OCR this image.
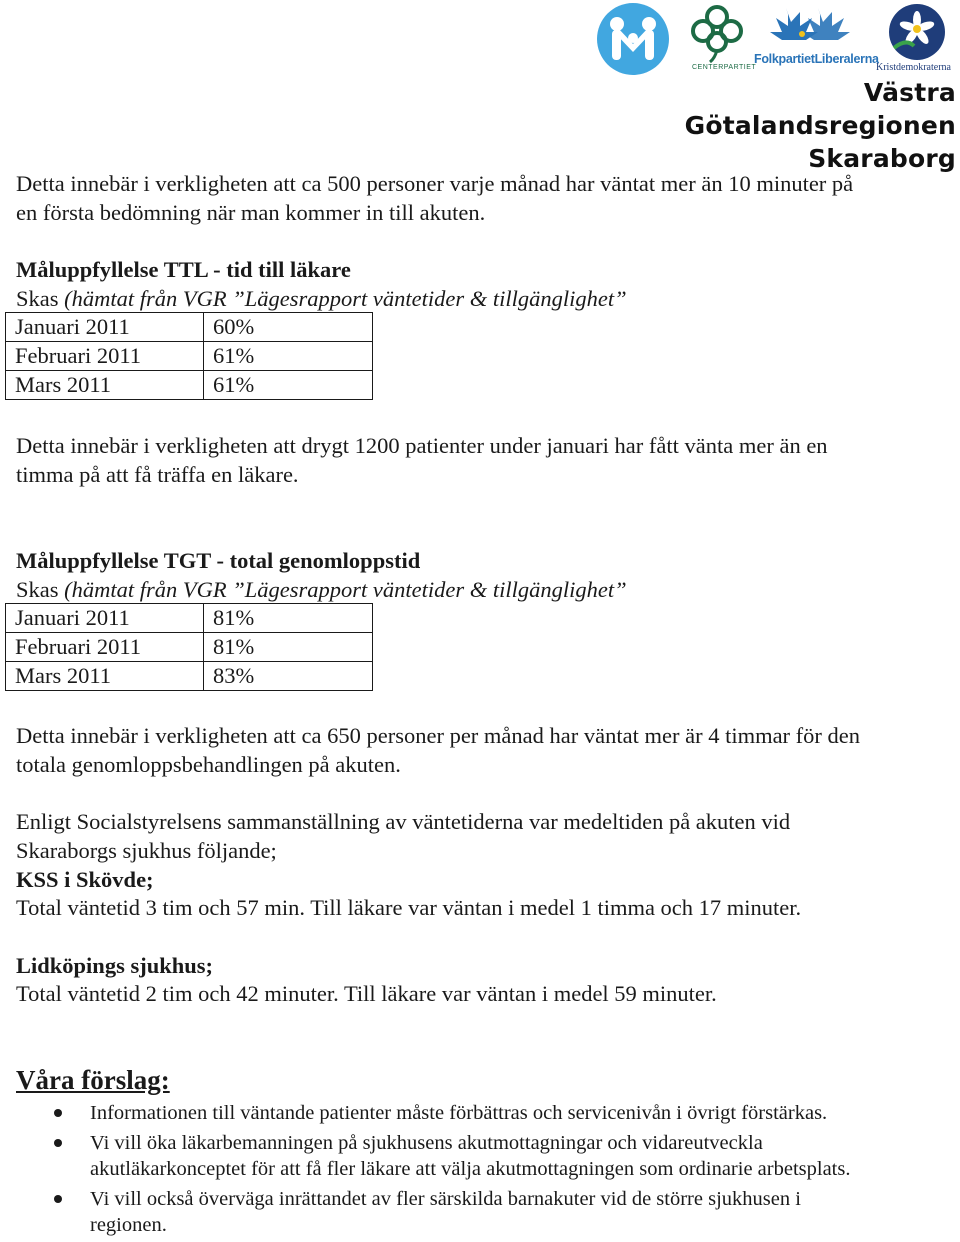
CENTERPARTIET
FolkpartietLiberalerna
Kristdemokraterna
Västra Götalandsregionen
Skaraborg
Detta innebär i verkligheten att ca 500 personer varje månad har väntat mer än 10 minuter på
en första bedömning när man kommer in till akuten.
Måluppfyllelse TTL - tid till läkare
Skas (hämtat från VGR ”Lägesrapport väntetider & tillgänglighet”
Januari 2011	60%
Februari 2011	61%
Mars 2011	61%
Detta innebär i verkligheten att drygt 1200 patienter under januari har fått vänta mer än en
timma på att få träffa en läkare.
Måluppfyllelse TGT - total genomloppstid
Skas (hämtat från VGR ”Lägesrapport väntetider & tillgänglighet”
Januari 2011	81%
Februari 2011	81%
Mars 2011	83%
Detta innebär i verkligheten att ca 650 personer per månad har väntat mer är 4 timmar för den
totala genomloppsbehandlingen på akuten.
Enligt Socialstyrelsens sammanställning av väntetiderna var medeltiden på akuten vid
Skaraborgs sjukhus följande;
KSS i Skövde;
Total väntetid 3 tim och 57 min. Till läkare var väntan i medel 1 timma och 17 minuter.
Lidköpings sjukhus;
Total väntetid 2 tim och 42 minuter. Till läkare var väntan i medel 59 minuter.
Våra förslag:
Informationen till väntande patienter måste förbättras och servicenivån i övrigt förstärkas.
Vi vill öka läkarbemanningen på sjukhusens akutmottagningar och vidareutveckla
akutläkarkonceptet för att få fler läkare att välja akutmottagningen som ordinarie arbetsplats.
Vi vill också överväga inrättandet av fler särskilda barnakuter vid de större sjukhusen i
regionen.
